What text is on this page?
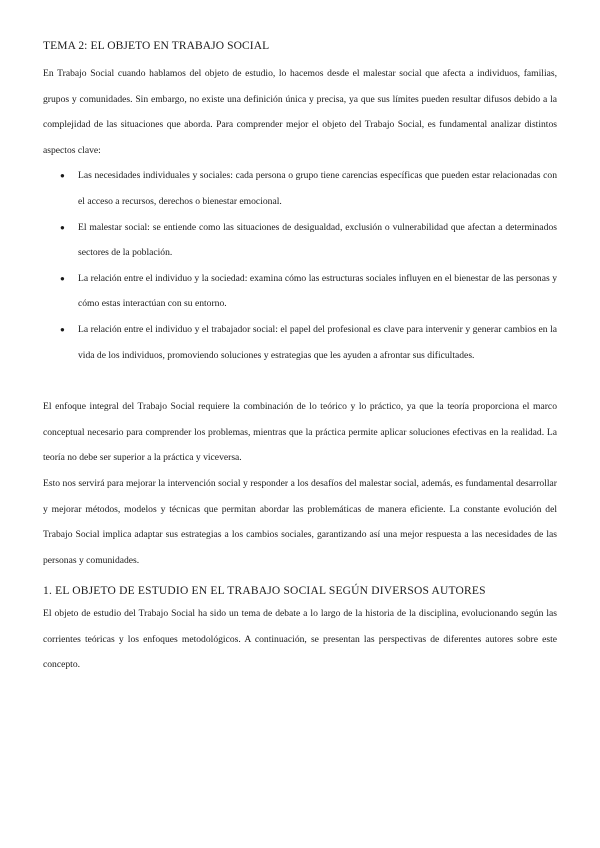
TEMA 2: EL OBJETO EN TRABAJO SOCIAL

En Trabajo Social cuando hablamos del objeto de estudio, lo hacemos desde el malestar social que afecta a individuos, familias, grupos y comunidades. Sin embargo, no existe una definición única y precisa, ya que sus límites pueden resultar difusos debido a la complejidad de las situaciones que aborda. Para comprender mejor el objeto del Trabajo Social, es fundamental analizar distintos aspectos clave:

● Las necesidades individuales y sociales: cada persona o grupo tiene carencias específicas que pueden estar relacionadas con el acceso a recursos, derechos o bienestar emocional.
● El malestar social: se entiende como las situaciones de desigualdad, exclusión o vulnerabilidad que afectan a determinados sectores de la población.
● La relación entre el individuo y la sociedad: examina cómo las estructuras sociales influyen en el bienestar de las personas y cómo estas interactúan con su entorno.
● La relación entre el individuo y el trabajador social: el papel del profesional es clave para intervenir y generar cambios en la vida de los individuos, promoviendo soluciones y estrategias que les ayuden a afrontar sus dificultades.

El enfoque integral del Trabajo Social requiere la combinación de lo teórico y lo práctico, ya que la teoría proporciona el marco conceptual necesario para comprender los problemas, mientras que la práctica permite aplicar soluciones efectivas en la realidad. La teoría no debe ser superior a la práctica y viceversa.

Esto nos servirá para mejorar la intervención social y responder a los desafíos del malestar social, además, es fundamental desarrollar y mejorar métodos, modelos y técnicas que permitan abordar las problemáticas de manera eficiente. La constante evolución del Trabajo Social implica adaptar sus estrategias a los cambios sociales, garantizando así una mejor respuesta a las necesidades de las personas y comunidades.

1. EL OBJETO DE ESTUDIO EN EL TRABAJO SOCIAL SEGÚN DIVERSOS AUTORES

El objeto de estudio del Trabajo Social ha sido un tema de debate a lo largo de la historia de la disciplina, evolucionando según las corrientes teóricas y los enfoques metodológicos. A continuación, se presentan las perspectivas de diferentes autores sobre este concepto.
